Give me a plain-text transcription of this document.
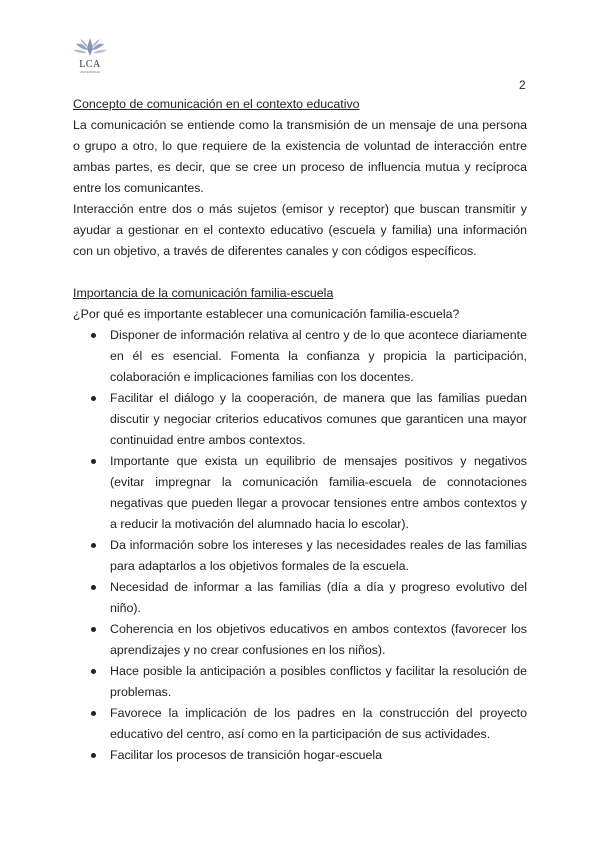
LCA
UNIVERSIDAD
2
Concepto de comunicación en el contexto educativo

La comunicación se entiende como la transmisión de un mensaje de una persona o grupo a otro, lo que requiere de la existencia de voluntad de interacción entre ambas partes, es decir, que se cree un proceso de influencia mutua y recíproca entre los comunicantes.

Interacción entre dos o más sujetos (emisor y receptor) que buscan transmitir y ayudar a gestionar en el contexto educativo (escuela y familia) una información con un objetivo, a través de diferentes canales y con códigos específicos.

Importancia de la comunicación familia-escuela

¿Por qué es importante establecer una comunicación familia-escuela?

Disponer de información relativa al centro y de lo que acontece diariamente en él es esencial. Fomenta la confianza y propicia la participación, colaboración e implicaciones familias con los docentes.
Facilitar el diálogo y la cooperación, de manera que las familias puedan discutir y negociar criterios educativos comunes que garanticen una mayor continuidad entre ambos contextos.
Importante que exista un equilibrio de mensajes positivos y negativos (evitar impregnar la comunicación familia-escuela de connotaciones negativas que pueden llegar a provocar tensiones entre ambos contextos y a reducir la motivación del alumnado hacia lo escolar).
Da información sobre los intereses y las necesidades reales de las familias para adaptarlos a los objetivos formales de la escuela.
Necesidad de informar a las familias (día a día y progreso evolutivo del niño).
Coherencia en los objetivos educativos en ambos contextos (favorecer los aprendizajes y no crear confusiones en los niños).
Hace posible la anticipación a posibles conflictos y facilitar la resolución de problemas.
Favorece la implicación de los padres en la construcción del proyecto educativo del centro, así como en la participación de sus actividades.
Facilitar los procesos de transición hogar-escuela
